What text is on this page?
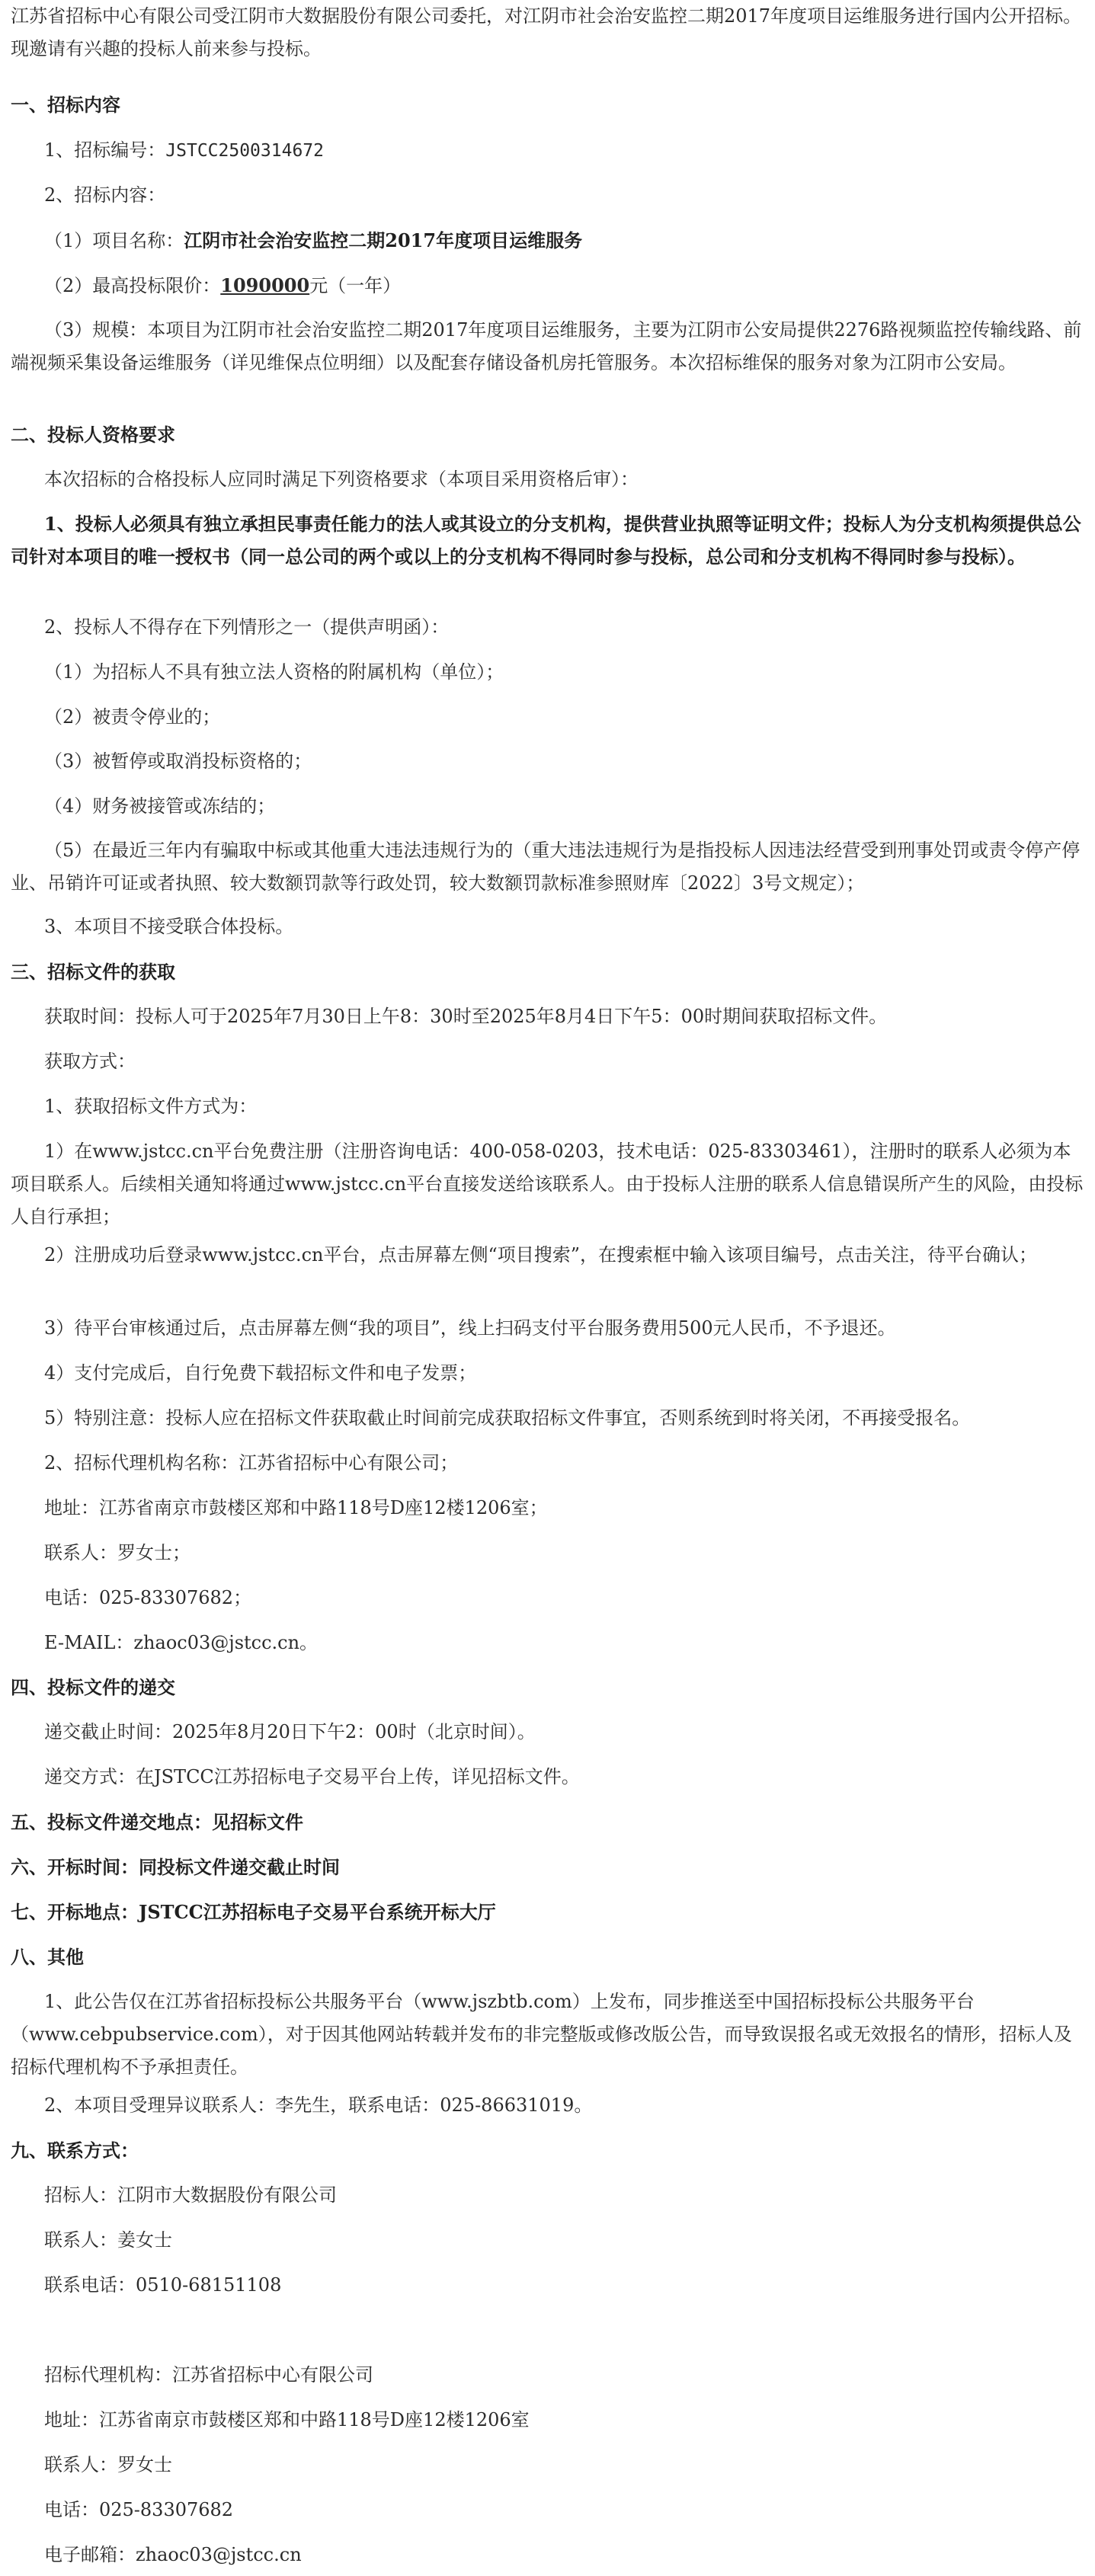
江苏省招标中心有限公司受江阴市大数据股份有限公司委托，对江阴市社会治安监控二期2017年度项目运维服务进行国内公开招标。现邀请有兴趣的投标人前来参与投标。
一、招标内容
1、招标编号：JSTCC2500314672
2、招标内容：
（1）项目名称：江阴市社会治安监控二期2017年度项目运维服务
（2）最高投标限价：1090000元（一年）
（3）规模：本项目为江阴市社会治安监控二期2017年度项目运维服务，主要为江阴市公安局提供2276路视频监控传输线路、前端视频采集设备运维服务（详见维保点位明细）以及配套存储设备机房托管服务。本次招标维保的服务对象为江阴市公安局。
二、投标人资格要求
本次招标的合格投标人应同时满足下列资格要求（本项目采用资格后审）：
1、投标人必须具有独立承担民事责任能力的法人或其设立的分支机构，提供营业执照等证明文件；投标人为分支机构须提供总公司针对本项目的唯一授权书（同一总公司的两个或以上的分支机构不得同时参与投标，总公司和分支机构不得同时参与投标）。
2、投标人不得存在下列情形之一（提供声明函）：
（1）为招标人不具有独立法人资格的附属机构（单位）；
（2）被责令停业的；
（3）被暂停或取消投标资格的；
（4）财务被接管或冻结的；
（5）在最近三年内有骗取中标或其他重大违法违规行为的（重大违法违规行为是指投标人因违法经营受到刑事处罚或责令停产停业、吊销许可证或者执照、较大数额罚款等行政处罚，较大数额罚款标准参照财库〔2022〕3号文规定）；
3、本项目不接受联合体投标。
三、招标文件的获取
获取时间：投标人可于2025年7月30日上午8：30时至2025年8月4日下午5：00时期间获取招标文件。
获取方式：
1、获取招标文件方式为：
1）在www.jstcc.cn平台免费注册（注册咨询电话：400-058-0203，技术电话：025-83303461），注册时的联系人必须为本项目联系人。后续相关通知将通过www.jstcc.cn平台直接发送给该联系人。由于投标人注册的联系人信息错误所产生的风险，由投标人自行承担；
2）注册成功后登录www.jstcc.cn平台，点击屏幕左侧“项目搜索”，在搜索框中输入该项目编号，点击关注，待平台确认；
3）待平台审核通过后，点击屏幕左侧“我的项目”，线上扫码支付平台服务费用500元人民币，不予退还。
4）支付完成后，自行免费下载招标文件和电子发票；
5）特别注意：投标人应在招标文件获取截止时间前完成获取招标文件事宜，否则系统到时将关闭，不再接受报名。
2、招标代理机构名称：江苏省招标中心有限公司；
地址：江苏省南京市鼓楼区郑和中路118号D座12楼1206室；
联系人：罗女士；
电话：025-83307682；
E-MAIL：zhaoc03@jstcc.cn。
四、投标文件的递交
递交截止时间：2025年8月20日下午2：00时（北京时间）。
递交方式：在JSTCC江苏招标电子交易平台上传，详见招标文件。
五、投标文件递交地点：见招标文件
六、开标时间：同投标文件递交截止时间
七、开标地点：JSTCC江苏招标电子交易平台系统开标大厅
八、其他
1、此公告仅在江苏省招标投标公共服务平台（www.jszbtb.com）上发布，同步推送至中国招标投标公共服务平台（www.cebpubservice.com），对于因其他网站转载并发布的非完整版或修改版公告，而导致误报名或无效报名的情形，招标人及招标代理机构不予承担责任。
2、本项目受理异议联系人：李先生，联系电话：025-86631019。
九、联系方式：
招标人：江阴市大数据股份有限公司
联系人：姜女士
联系电话：0510-68151108
招标代理机构：江苏省招标中心有限公司
地址：江苏省南京市鼓楼区郑和中路118号D座12楼1206室
联系人：罗女士
电话：025-83307682
电子邮箱：zhaoc03@jstcc.cn
